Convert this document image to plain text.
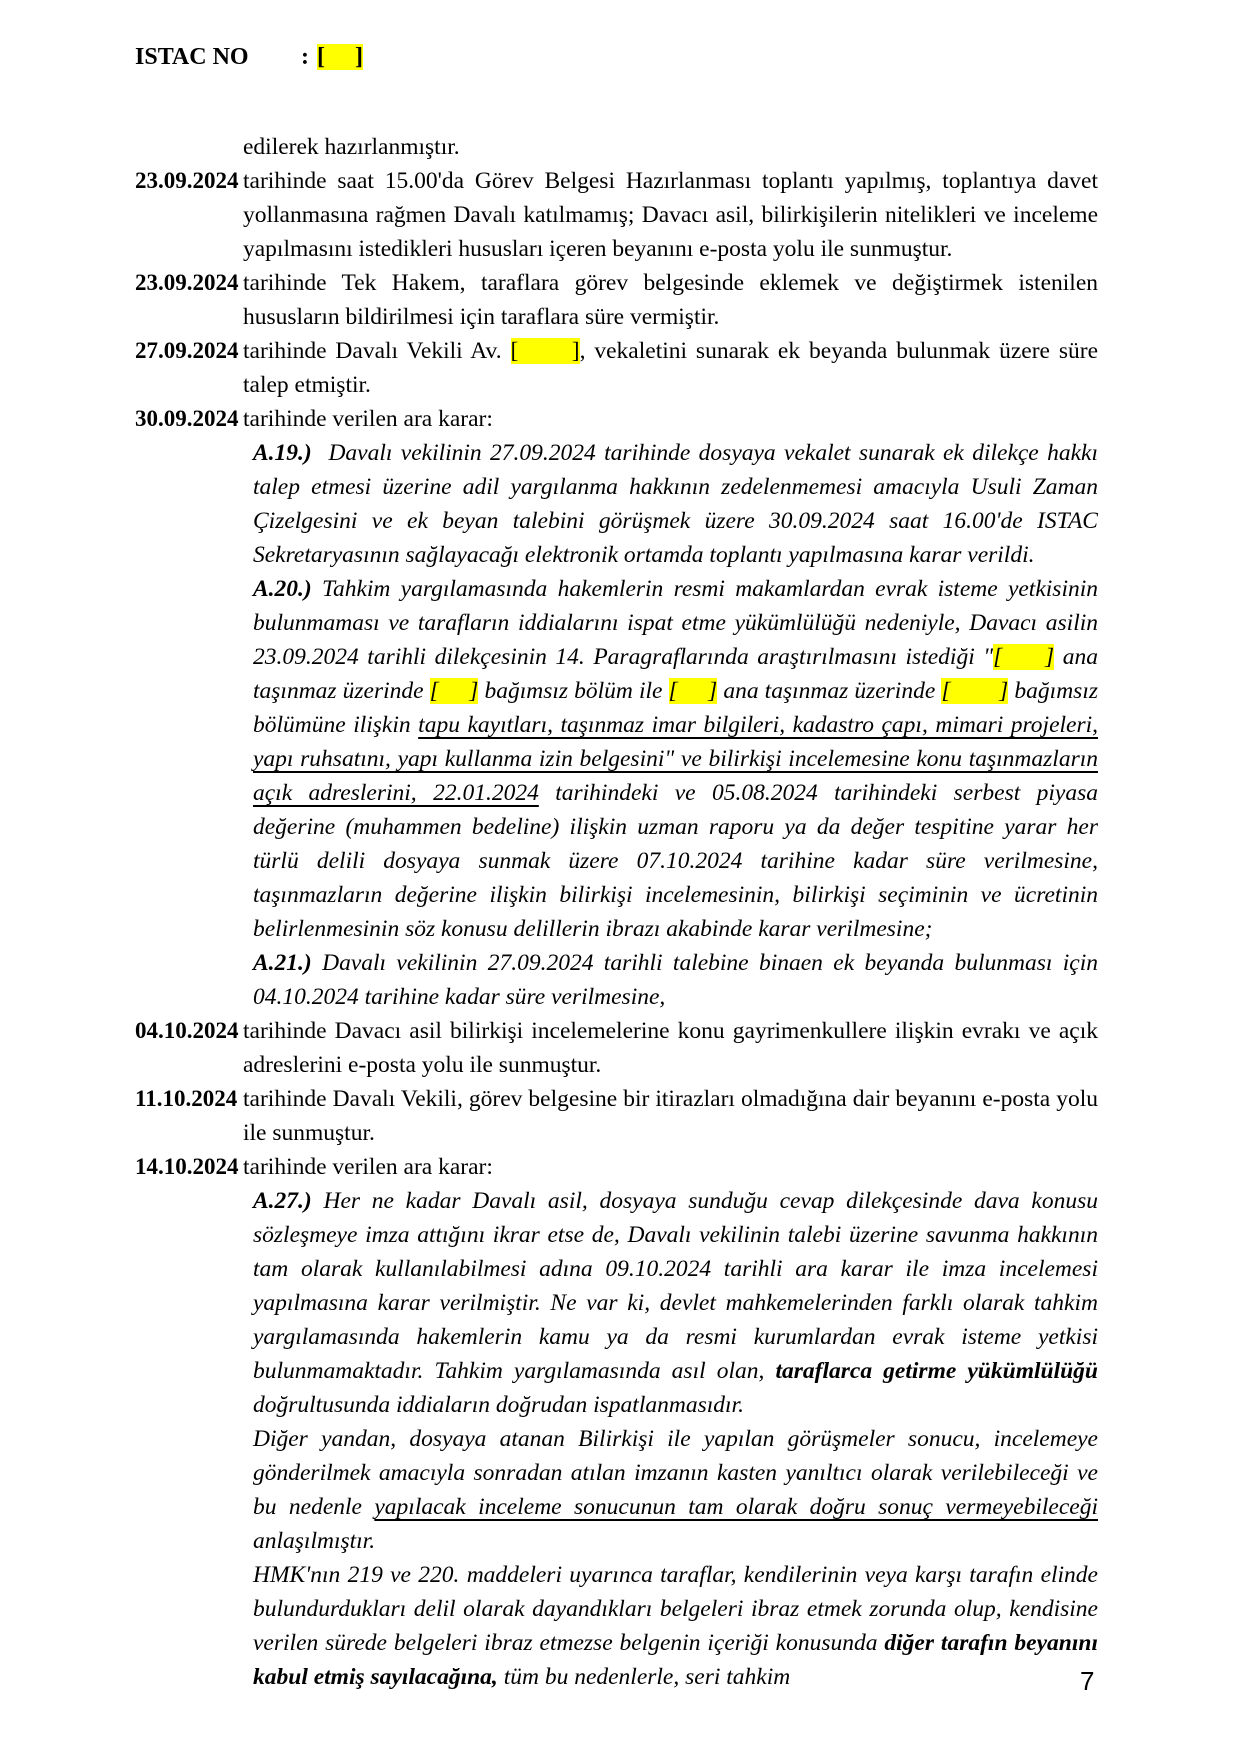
ISTAC NO : [     ]
edilerek hazırlanmıştır.
23.09.2024 tarihinde saat 15.00'da Görev Belgesi Hazırlanması toplantı yapılmış, toplantıya davet yollanmasına rağmen Davalı katılmamış; Davacı asil, bilirkişilerin nitelikleri ve inceleme yapılmasını istedikleri hususları içeren beyanını e-posta yolu ile sunmuştur.
23.09.2024 tarihinde Tek Hakem, taraflara görev belgesinde eklemek ve değiştirmek istenilen hususların bildirilmesi için taraflara süre vermiştir.
27.09.2024 tarihinde Davalı Vekili Av. [      ], vekaletini sunarak ek beyanda bulunmak üzere süre talep etmiştir.
30.09.2024 tarihinde verilen ara karar:
A.19.)  Davalı vekilinin 27.09.2024 tarihinde dosyaya vekalet sunarak ek dilekçe hakkı talep etmesi üzerine adil yargılanma hakkının zedelenmemesi amacıyla Usuli Zaman Çizelgesini ve ek beyan talebini görüşmek üzere 30.09.2024 saat 16.00'de ISTAC Sekretaryasının sağlayacağı elektronik ortamda toplantı yapılmasına karar verildi.
A.20.) Tahkim yargılamasında hakemlerin resmi makamlardan evrak isteme yetkisinin bulunmaması ve tarafların iddialarını ispat etme yükümlülüğü nedeniyle, Davacı asilin 23.09.2024 tarihli dilekçesinin 14. Paragraflarında araştırılmasını istediği "[     ] ana taşınmaz üzerinde [     ] bağımsız bölüm ile [     ] ana taşınmaz üzerinde [        ] bağımsız bölümüne ilişkin tapu kayıtları, taşınmaz imar bilgileri, kadastro çapı, mimari projeleri, yapı ruhsatını, yapı kullanma izin belgesini" ve bilirkişi incelemesine konu taşınmazların açık adreslerini, 22.01.2024 tarihindeki ve 05.08.2024 tarihindeki serbest piyasa değerine (muhammen bedeline) ilişkin uzman raporu ya da değer tespitine yarar her türlü delili dosyaya sunmak üzere 07.10.2024 tarihine kadar süre verilmesine, taşınmazların değerine ilişkin bilirkişi incelemesinin, bilirkişi seçiminin ve ücretinin belirlenmesinin söz konusu delillerin ibrazı akabinde karar verilmesine;
A.21.) Davalı vekilinin 27.09.2024 tarihli talebine binaen ek beyanda bulunması için 04.10.2024 tarihine kadar süre verilmesine,
04.10.2024 tarihinde Davacı asil bilirkişi incelemelerine konu gayrimenkullere ilişkin evrakı ve açık adreslerini e-posta yolu ile sunmuştur.
11.10.2024 tarihinde Davalı Vekili, görev belgesine bir itirazları olmadığına dair beyanını e-posta yolu ile sunmuştur.
14.10.2024 tarihinde verilen ara karar:
A.27.) Her ne kadar Davalı asil, dosyaya sunduğu cevap dilekçesinde dava konusu sözleşmeye imza attığını ikrar etse de, Davalı vekilinin talebi üzerine savunma hakkının tam olarak kullanılabilmesi adına 09.10.2024 tarihli ara karar ile imza incelemesi yapılmasına karar verilmiştir. Ne var ki, devlet mahkemelerinden farklı olarak tahkim yargılamasında hakemlerin kamu ya da resmi kurumlardan evrak isteme yetkisi bulunmamaktadır. Tahkim yargılamasında asıl olan, taraflarca getirme yükümlülüğü doğrultusunda iddiaların doğrudan ispatlanmasıdır.
Diğer yandan, dosyaya atanan Bilirkişi ile yapılan görüşmeler sonucu, incelemeye gönderilmek amacıyla sonradan atılan imzanın kasten yanıltıcı olarak verilebileceği ve bu nedenle yapılacak inceleme sonucunun tam olarak doğru sonuç vermeyebileceği anlaşılmıştır.
HMK'nın 219 ve 220. maddeleri uyarınca taraflar, kendilerinin veya karşı tarafın elinde bulundurdukları delil olarak dayandıkları belgeleri ibraz etmek zorunda olup, kendisine verilen sürede belgeleri ibraz etmezse belgenin içeriği konusunda diğer tarafın beyanını kabul etmiş sayılacağına, tüm bu nedenlerle, seri tahkim	7
